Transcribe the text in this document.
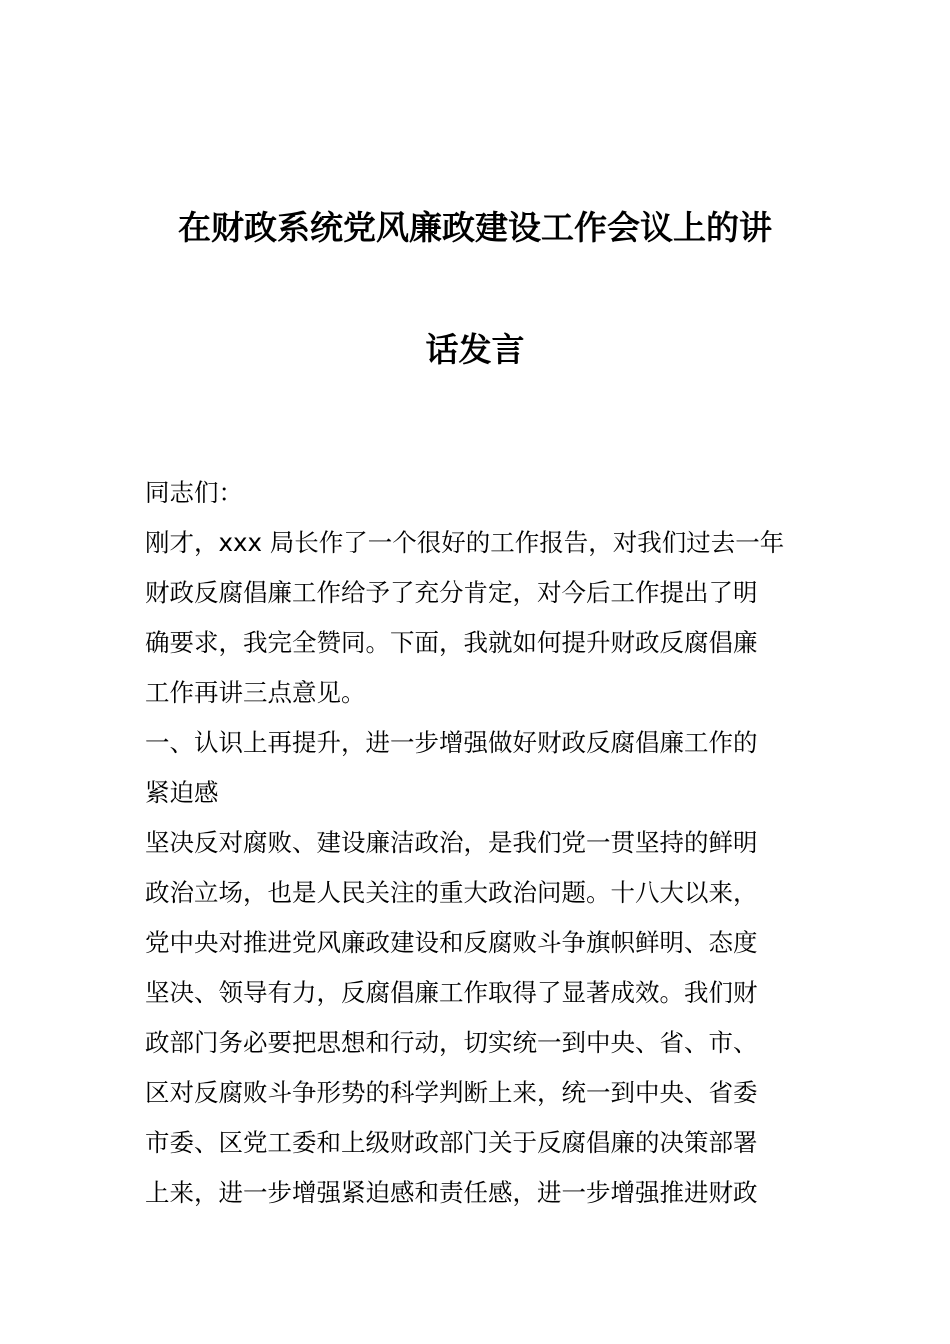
在财政系统党风廉政建设工作会议上的讲
话发言
同志们：
刚才，xxx 局长作了一个很好的工作报告，对我们过去一年
财政反腐倡廉工作给予了充分肯定，对今后工作提出了明
确要求，我完全赞同。下面，我就如何提升财政反腐倡廉
工作再讲三点意见。
一、认识上再提升，进一步增强做好财政反腐倡廉工作的
紧迫感
坚决反对腐败、建设廉洁政治，是我们党一贯坚持的鲜明
政治立场，也是人民关注的重大政治问题。十八大以来，
党中央对推进党风廉政建设和反腐败斗争旗帜鲜明、态度
坚决、领导有力，反腐倡廉工作取得了显著成效。我们财
政部门务必要把思想和行动，切实统一到中央、省、市、
区对反腐败斗争形势的科学判断上来，统一到中央、省委
市委、区党工委和上级财政部门关于反腐倡廉的决策部署
上来，进一步增强紧迫感和责任感，进一步增强推进财政
